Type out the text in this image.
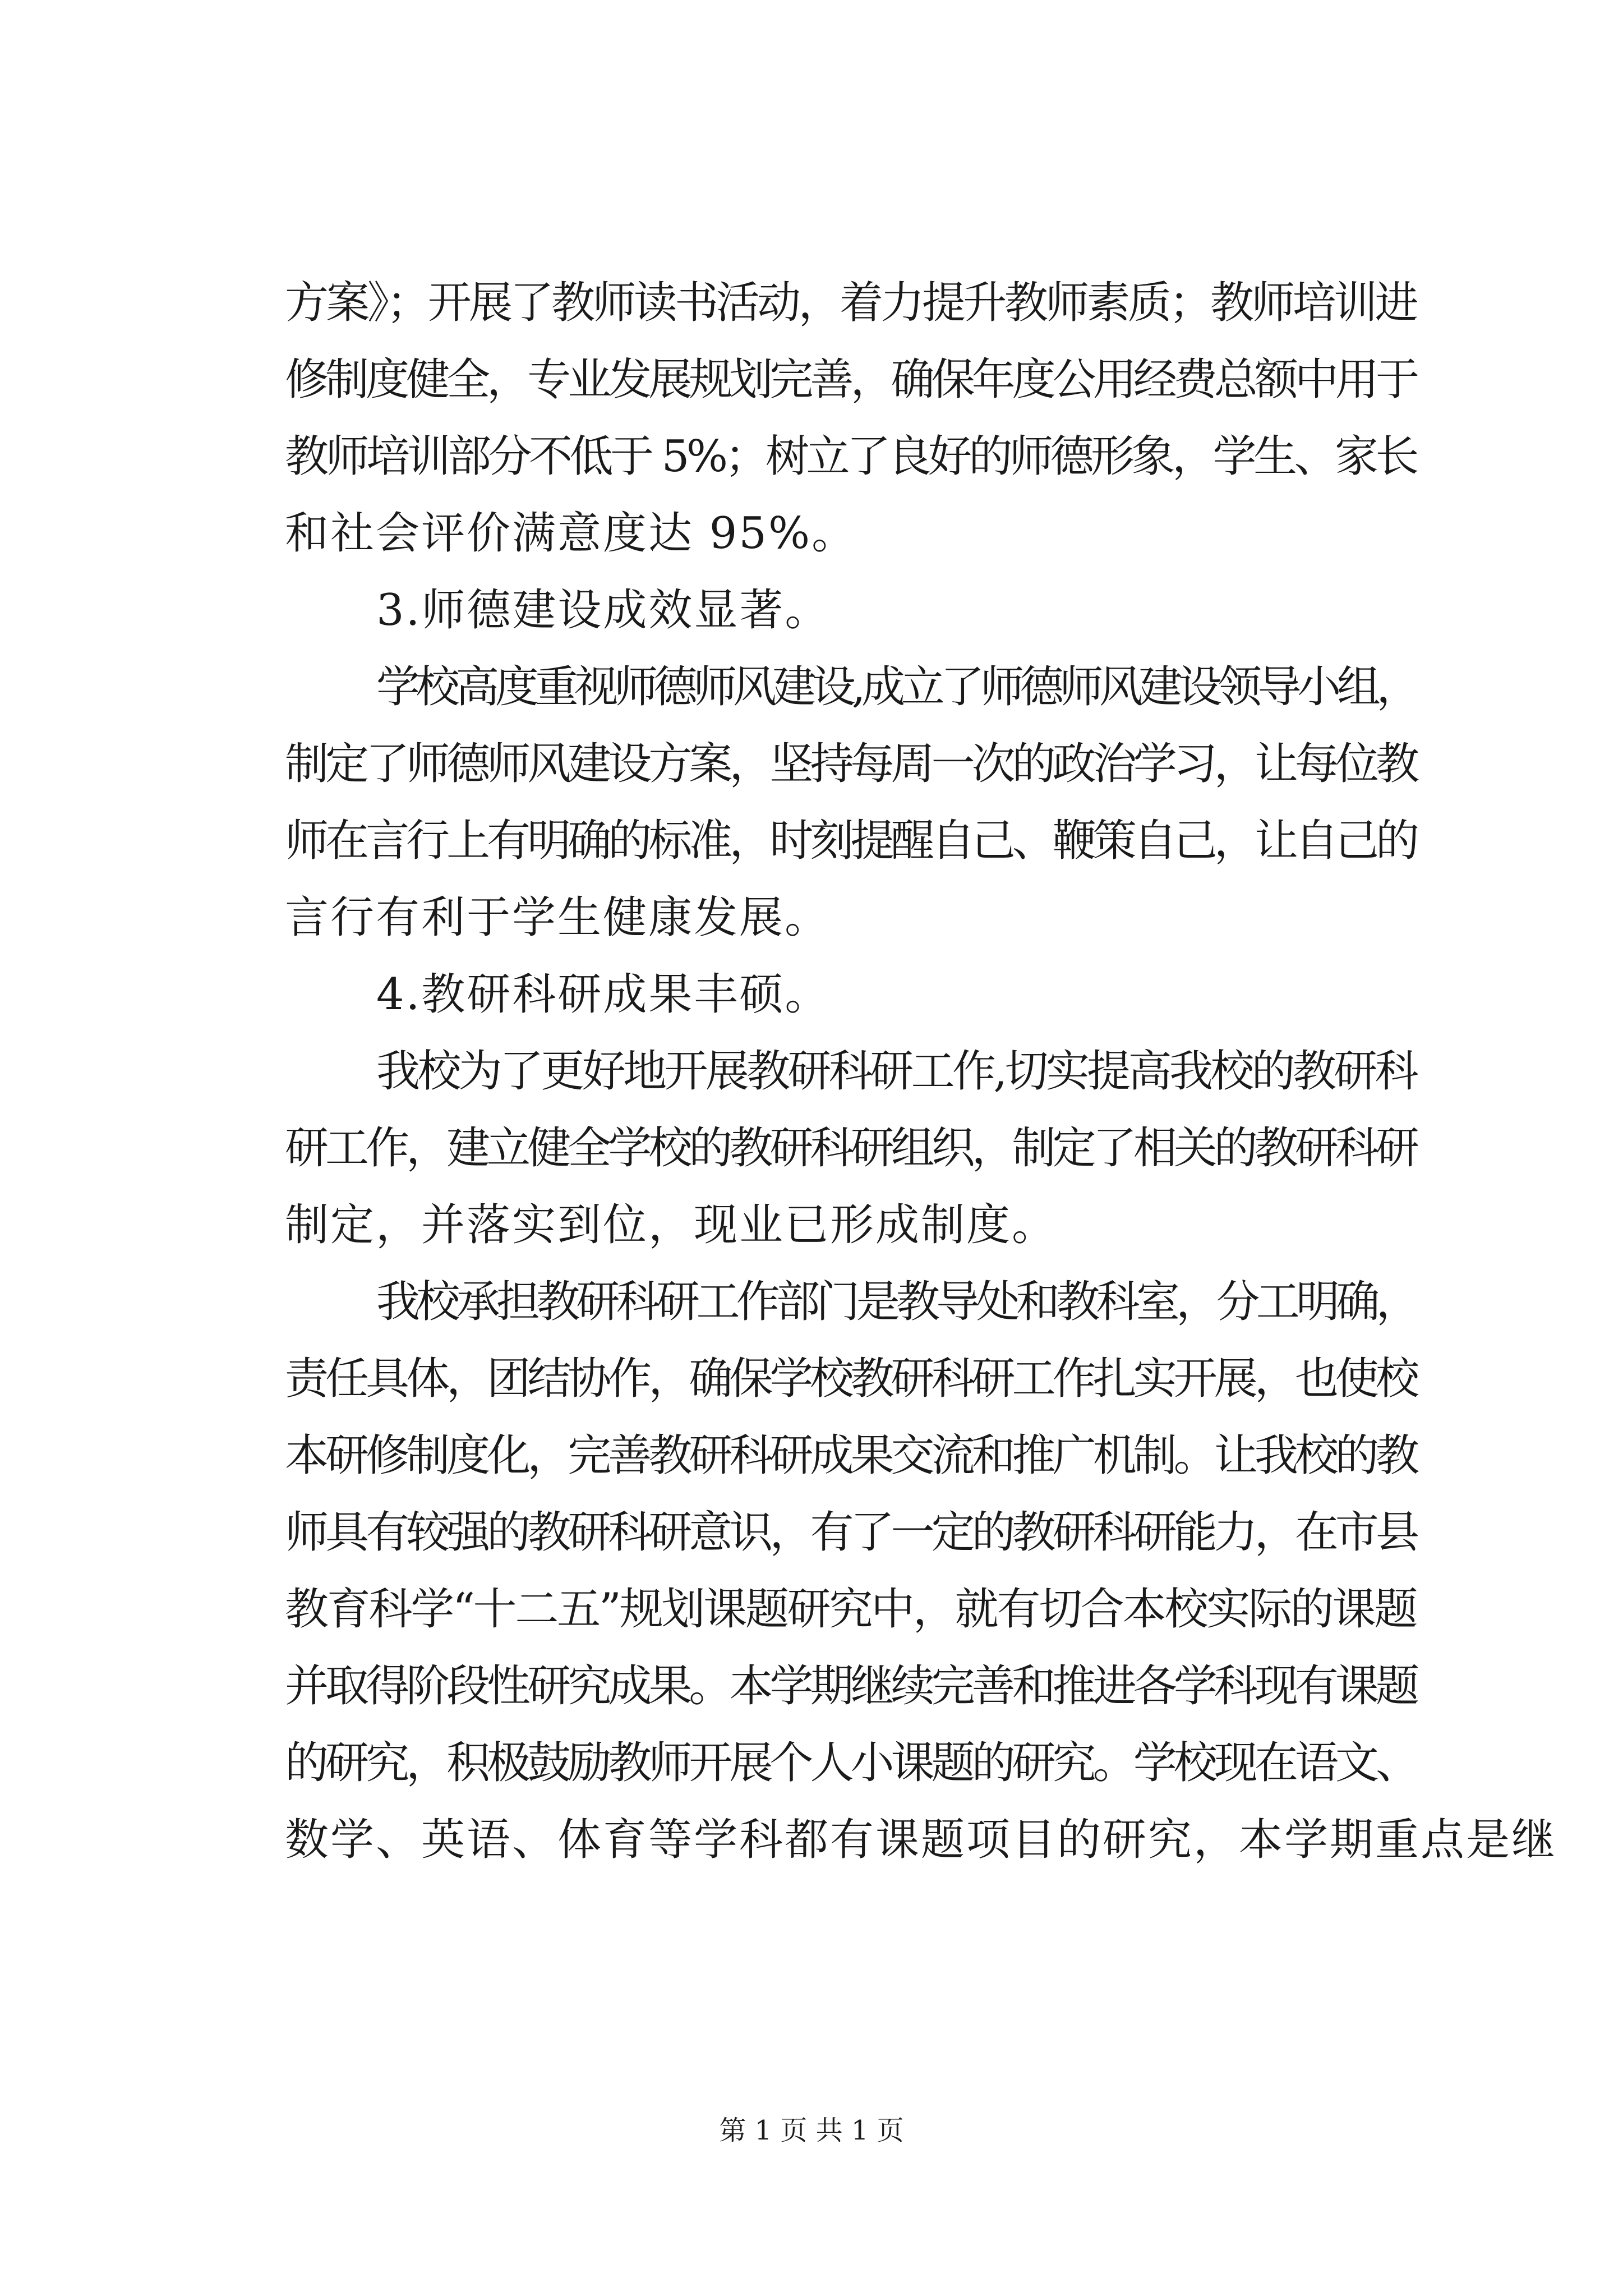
方案》；开展了教师读书活动，着力提升教师素质；教师培训进
修制度健全，专业发展规划完善，确保年度公用经费总额中用于
教师培训部分不低于 5%；树立了良好的师德形象，学生、家长
和社会评价满意度达 95%。
3.师德建设成效显著。
学校高度重视师德师风建设,成立了师德师风建设领导小组，
制定了师德师风建设方案，坚持每周一次的政治学习，让每位教
师在言行上有明确的标准，时刻提醒自己、鞭策自己，让自己的
言行有利于学生健康发展。
4.教研科研成果丰硕。
我校为了更好地开展教研科研工作,切实提高我校的教研科
研工作，建立健全学校的教研科研组织，制定了相关的教研科研
制定，并落实到位，现业已形成制度。
我校承担教研科研工作部门是教导处和教科室，分工明确，
责任具体，团结协作，确保学校教研科研工作扎实开展，也使校
本研修制度化，完善教研科研成果交流和推广机制。让我校的教
师具有较强的教研科研意识，有了一定的教研科研能力，在市县
教育科学“十二五”规划课题研究中，就有切合本校实际的课题
并取得阶段性研究成果。本学期继续完善和推进各学科现有课题
的研究，积极鼓励教师开展个人小课题的研究。学校现在语文、
数学、英语、体育等学科都有课题项目的研究，本学期重点是继
第 1 页 共 1 页
